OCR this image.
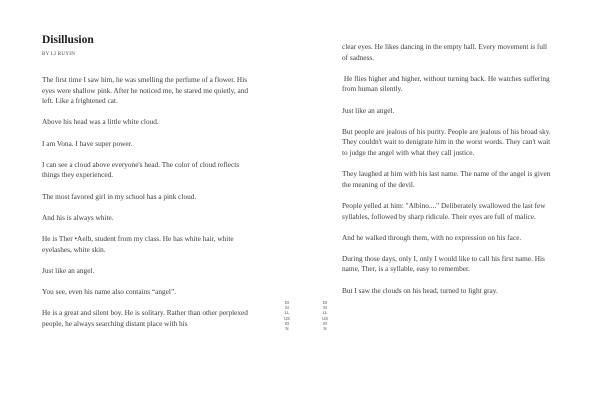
Disillusion
BY LI RUYIN

The first time I saw him, he was smelling the perfume of a flower. His eyes were shallow pink. After he noticed me, he stared me quietly, and left. Like a frightened cat.

Above his head was a little white cloud.

I am Vona. I have super power.

I can see a cloud above everyone's head. The color of cloud reflects things they experienced.

The most favored girl in my school has a pink cloud.

And his is always white.

He is Ther •Aelb, student from my class. He has white hair, white eyelashes, white skin.

Just like an angel.

You see, even his name also contains “angel”.

He is a great and silent boy. He is solitary. Rather than other perplexed people, he always searching distant place with his

DISILLUSION

clear eyes. He likes dancing in the empty hall. Every movement is full of sadness.

He flies higher and higher, without turning back. He watches suffering from human silently.

Just like an angel.

But people are jealous of his purity. People are jealous of his broad sky. They couldn't wait to denigrate him in the worst words. They can't wait to judge the angel with what they call justice.

They laughed at him with his last name. The name of the angel is given the meaning of the devil.

People yelled at him: "Albino...." Deliberately swallowed the last few syllables, followed by sharp ridicule. Their eyes are full of malice.

And he walked through them, with no expression on his face.

During those days, only I, only I would like to call his first name. His name, Ther, is a syllable, easy to remember.

But I saw the clouds on his head, turned to light gray.

DISILLUSION
